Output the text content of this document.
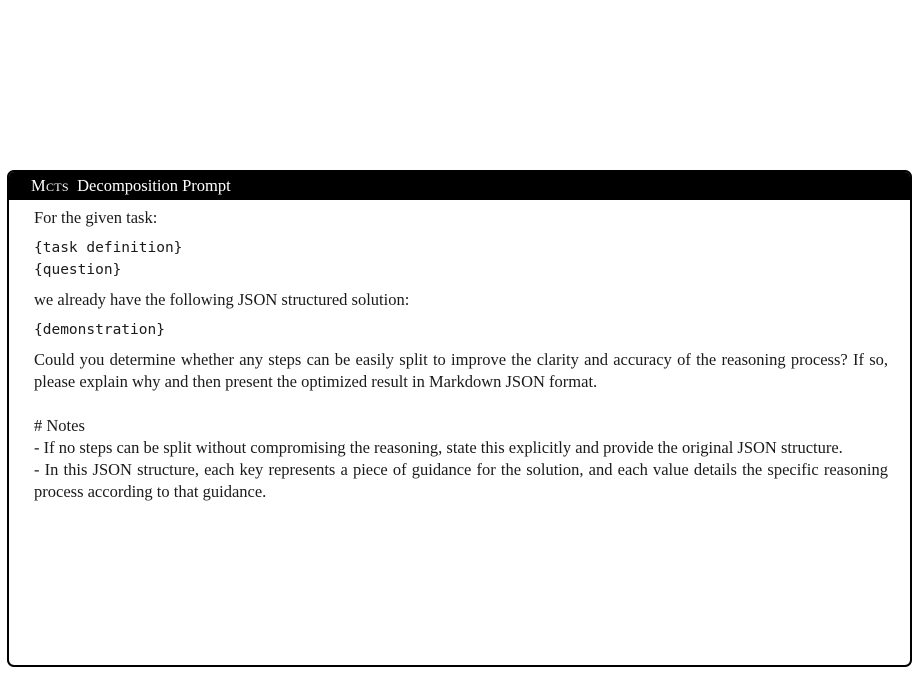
Mcts Decomposition Prompt

For the given task:

{task definition}
{question}

we already have the following JSON structured solution:

{demonstration}

Could you determine whether any steps can be easily split to improve the clarity and accuracy of the reasoning process? If so, please explain why and then present the optimized result in Markdown JSON format.

# Notes
- If no steps can be split without compromising the reasoning, state this explicitly and provide the original JSON structure.
- In this JSON structure, each key represents a piece of guidance for the solution, and each value details the specific reasoning process according to that guidance.
